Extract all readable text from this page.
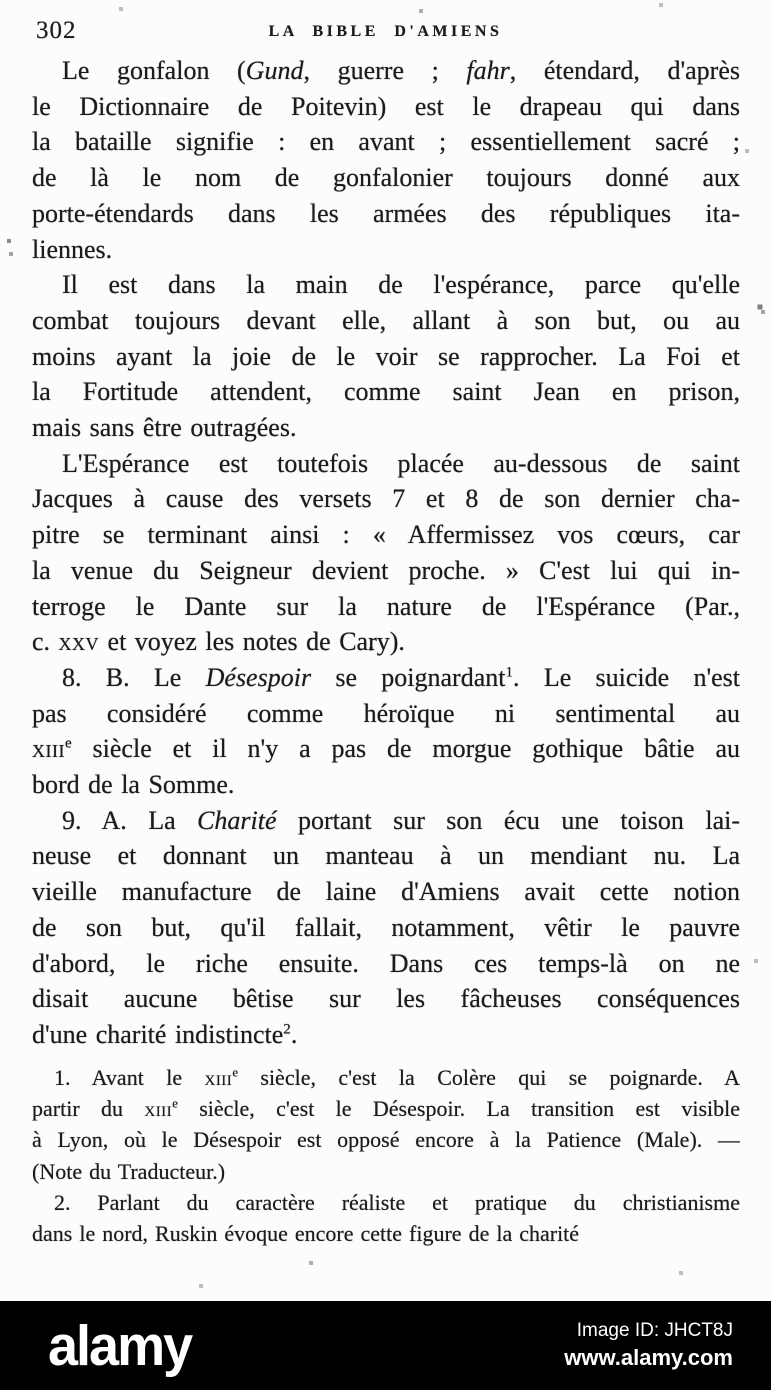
302	LA BIBLE D'AMIENS
Le gonfalon (Gund, guerre ; fahr, étendard, d'après
le Dictionnaire de Poitevin) est le drapeau qui dans
la bataille signifie : en avant ; essentiellement sacré ;
de là le nom de gonfalonier toujours donné aux
porte-étendards dans les armées des républiques ita-
liennes.
Il est dans la main de l'espérance, parce qu'elle
combat toujours devant elle, allant à son but, ou au
moins ayant la joie de le voir se rapprocher. La Foi et
la Fortitude attendent, comme saint Jean en prison,
mais sans être outragées.
L'Espérance est toutefois placée au-dessous de saint
Jacques à cause des versets 7 et 8 de son dernier cha-
pitre se terminant ainsi : « Affermissez vos cœurs, car
la venue du Seigneur devient proche. » C'est lui qui in-
terroge le Dante sur la nature de l'Espérance (Par.,
c. xxv et voyez les notes de Cary).
8. B. Le Désespoir se poignardant$^1$. Le suicide n'est
pas considéré comme héroïque ni sentimental au
xiii$^e$ siècle et il n'y a pas de morgue gothique bâtie au
bord de la Somme.
9. A. La Charité portant sur son écu une toison lai-
neuse et donnant un manteau à un mendiant nu. La
vieille manufacture de laine d'Amiens avait cette notion
de son but, qu'il fallait, notamment, vêtir le pauvre
d'abord, le riche ensuite. Dans ces temps-là on ne
disait aucune bêtise sur les fâcheuses conséquences
d'une charité indistincte$^2$.
1. Avant le xiii$^e$ siècle, c'est la Colère qui se poignarde. A
partir du xiii$^e$ siècle, c'est le Désespoir. La transition est visible
à Lyon, où le Désespoir est opposé encore à la Patience (Male). —
(Note du Traducteur.)
2. Parlant du caractère réaliste et pratique du christianisme
dans le nord, Ruskin évoque encore cette figure de la charité
alamy	Image ID: JHCT8J
www.alamy.com
